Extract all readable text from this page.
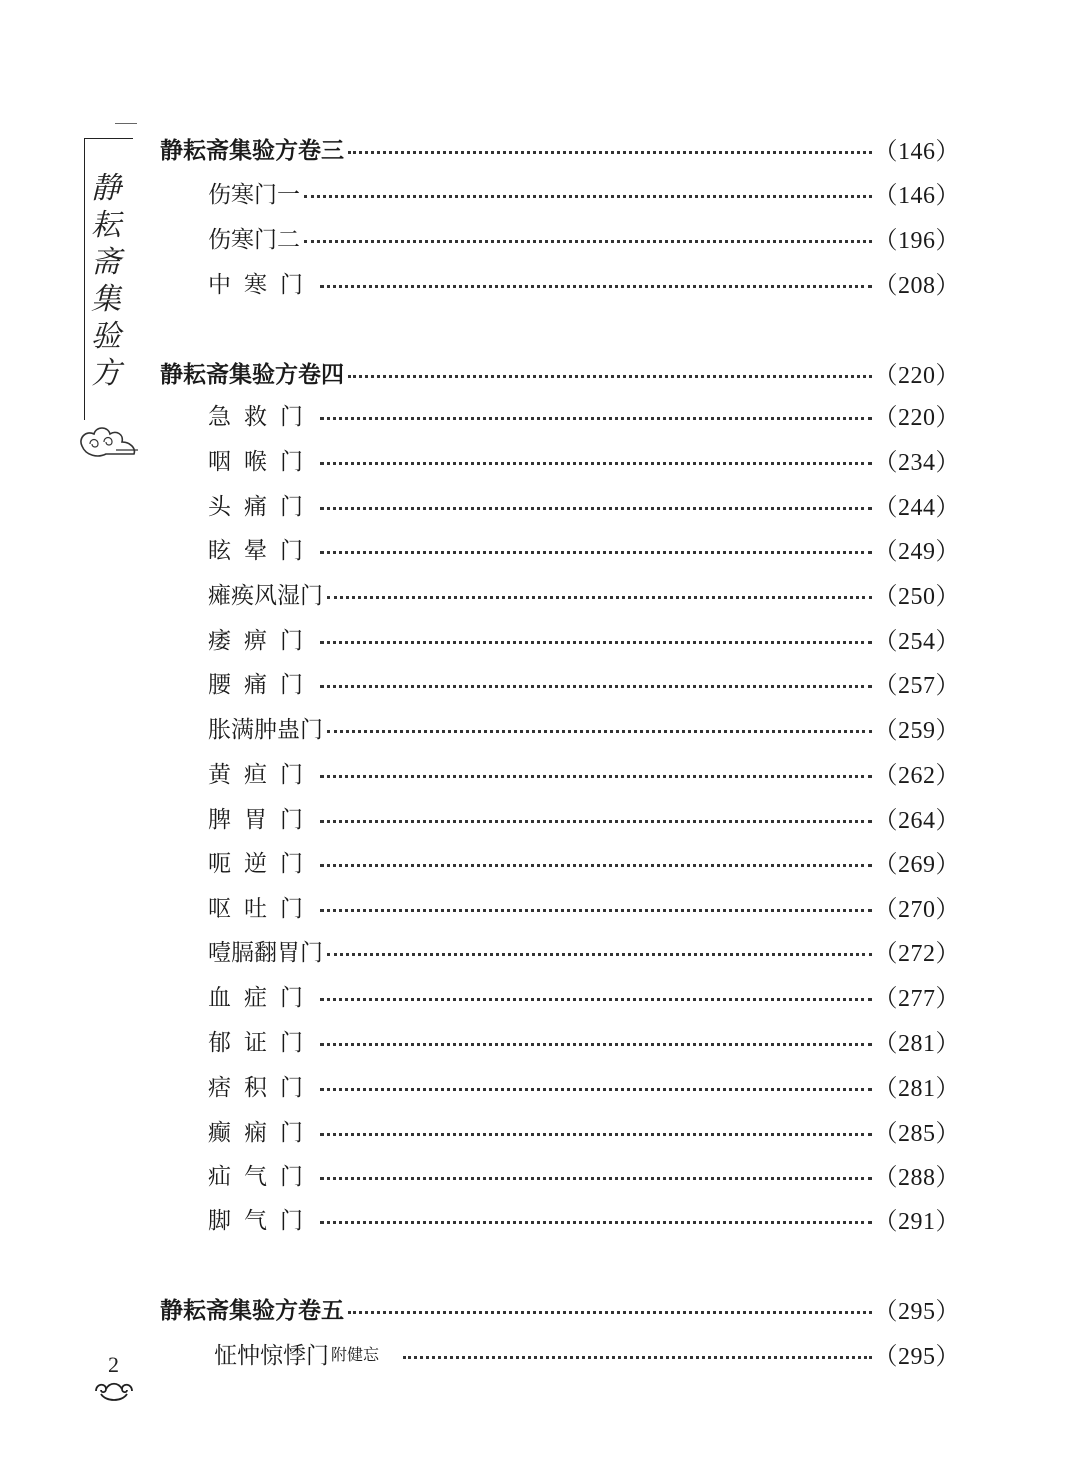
静
耘
斋
集
验
方
静耘斋集验方卷三	（146）
伤寒门一	（146）
伤寒门二	（196）
中寒门	（208）
静耘斋集验方卷四	（220）
急救门	（220）
咽喉门	（234）
头痛门	（244）
眩晕门	（249）
瘫痪风湿门	（250）
痿痹门	（254）
腰痛门	（257）
胀满肿蛊门	（259）
黄疸门	（262）
脾胃门	（264）
呃逆门	（269）
呕吐门	（270）
噎膈翻胃门	（272）
血症门	（277）
郁证门	（281）
痞积门	（281）
癫痫门	（285）
疝气门	（288）
脚气门	（291）
静耘斋集验方卷五	（295）
怔忡惊悸门 附健忘	（295）
2
